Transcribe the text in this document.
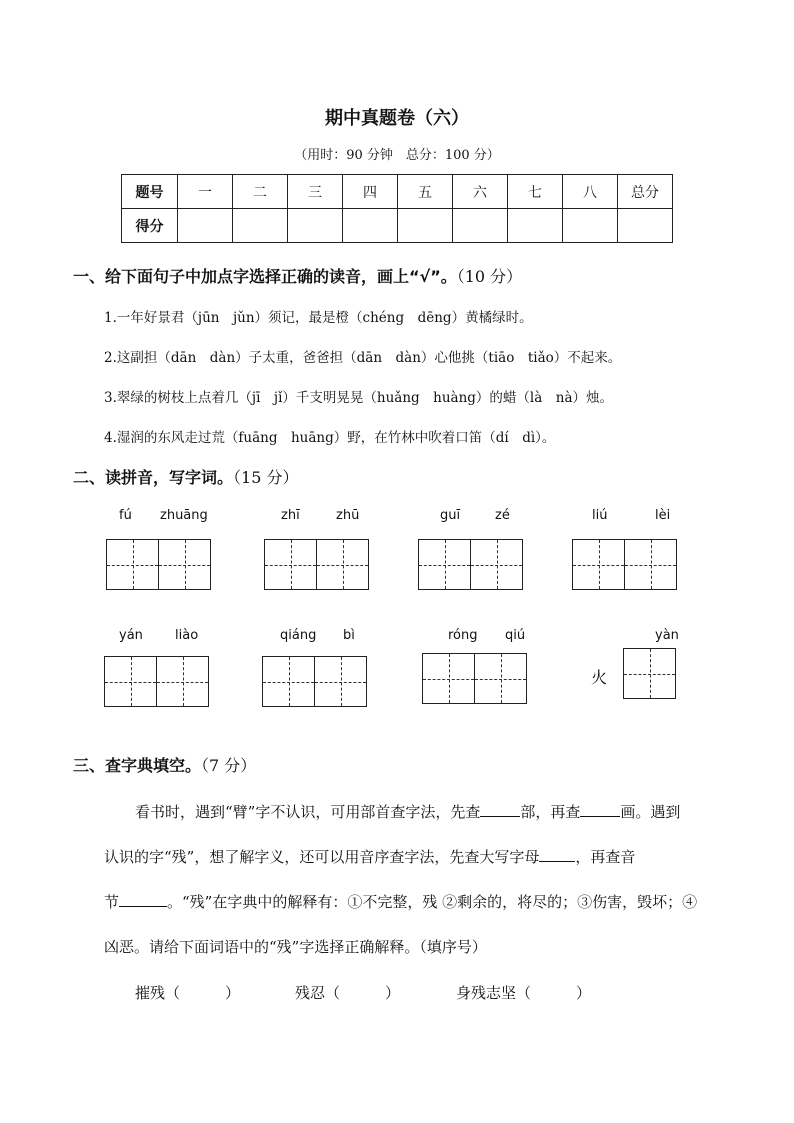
期中真题卷（六）
（用时：90 分钟　总分：100 分）
题号	一	二	三	四	五	六	七	八	总分
得分									
一、给下面句子中加点字选择正确的读音，画上“√”。（10 分）
1.一年好景君（jūn　jǔn）须记，最是橙（chéng　dēng）黄橘绿时。
2.这副担（dān　dàn）子太重，爸爸担（dān　dàn）心他挑（tiāo　tiǎo）不起来。
3.翠绿的树枝上点着几（jī　jǐ）千支明晃晃（huǎng　huàng）的蜡（là　nà）烛。
4.湿润的东风走过荒（fuāng　huāng）野，在竹林中吹着口笛（dí　dì）。
二、读拼音，写字词。（15 分）
fú zhuāng	zhī	zhū	guī	zé	liú	lèi
yán liào	qiáng bì	róng qiú	yàn
火
三、查字典填空。（7 分）
看书时，遇到“臂”字不认识，可用部首查字法，先查	部，再查	画。遇到
认识的字“残”，想了解字义，还可以用音序查字法，先查大写字母 ，再查音
节	。“残”在字典中的解释有：①不完整，残 ②剩余的，将尽的；③伤害，毁坏；④
凶恶。请给下面词语中的“残”字选择正确解释。（填序号）
摧残（　　　）	残忍（　　　）	身残志坚（　　　）
